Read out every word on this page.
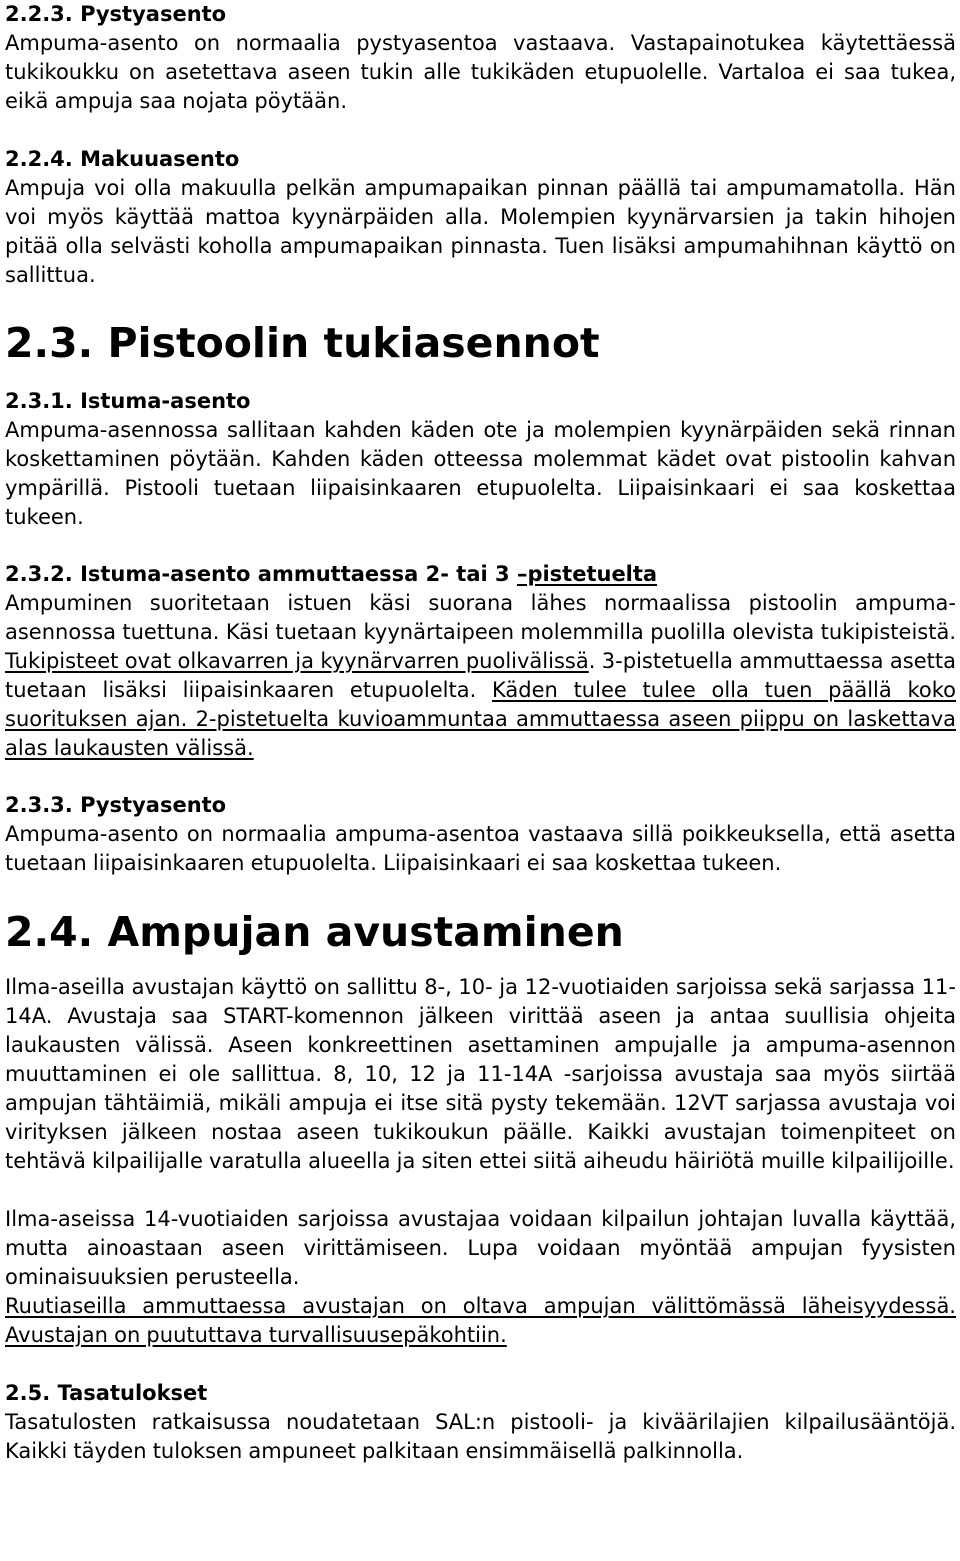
2.2.3. Pystyasento
Ampuma-asento on normaalia pystyasentoa vastaava. Vastapainotukea käytettäessä tukikoukku on asetettava aseen tukin alle tukikäden etupuolelle. Vartaloa ei saa tukea, eikä ampuja saa nojata pöytään.
2.2.4. Makuuasento
Ampuja voi olla makuulla pelkän ampumapaikan pinnan päällä tai ampumamatolla. Hän voi myös käyttää mattoa kyynärpäiden alla. Molempien kyynärvarsien ja takin hihojen pitää olla selvästi koholla ampumapaikan pinnasta. Tuen lisäksi ampumahihnan käyttö on sallittua.
2.3. Pistoolin tukiasennot
2.3.1. Istuma-asento
Ampuma-asennossa sallitaan kahden käden ote ja molempien kyynärpäiden sekä rinnan koskettaminen pöytään. Kahden käden otteessa molemmat kädet ovat pistoolin kahvan ympärillä. Pistooli tuetaan liipaisinkaaren etupuolelta. Liipaisinkaari ei saa koskettaa tukeen.
2.3.2. Istuma-asento ammuttaessa 2- tai 3 –pistetuelta
Ampuminen suoritetaan istuen käsi suorana lähes normaalissa pistoolin ampuma-asennossa tuettuna. Käsi tuetaan kyynärtaipeen molemmilla puolilla olevista tukipisteistä. Tukipisteet ovat olkavarren ja kyynärvarren puolivälissä. 3-pistetuella ammuttaessa asetta tuetaan lisäksi liipaisinkaaren etupuolelta. Käden tulee tulee olla tuen päällä koko suorituksen ajan. 2-pistetuelta kuvioammuntaa ammuttaessa aseen piippu on laskettava alas laukausten välissä.
2.3.3. Pystyasento
Ampuma-asento on normaalia ampuma-asentoa vastaava sillä poikkeuksella, että asetta tuetaan liipaisinkaaren etupuolelta. Liipaisinkaari ei saa koskettaa tukeen.
2.4. Ampujan avustaminen
Ilma-aseilla avustajan käyttö on sallittu 8-, 10- ja 12-vuotiaiden sarjoissa sekä sarjassa 11-14A. Avustaja saa START-komennon jälkeen virittää aseen ja antaa suullisia ohjeita laukausten välissä. Aseen konkreettinen asettaminen ampujalle ja ampuma-asennon muuttaminen ei ole sallittua. 8, 10, 12 ja 11-14A -sarjoissa avustaja saa myös siirtää ampujan tähtäimiä, mikäli ampuja ei itse sitä pysty tekemään. 12VT sarjassa avustaja voi virityksen jälkeen nostaa aseen tukikoukun päälle. Kaikki avustajan toimenpiteet on tehtävä kilpailijalle varatulla alueella ja siten ettei siitä aiheudu häiriötä muille kilpailijoille.
Ilma-aseissa 14-vuotiaiden sarjoissa avustajaa voidaan kilpailun johtajan luvalla käyttää, mutta ainoastaan aseen virittämiseen. Lupa voidaan myöntää ampujan fyysisten ominaisuuksien perusteella.
Ruutiaseilla ammuttaessa avustajan on oltava ampujan välittömässä läheisyydessä. Avustajan on puututtava turvallisuusepäkohtiin.
2.5. Tasatulokset
Tasatulosten ratkaisussa noudatetaan SAL:n pistooli- ja kiväärilajien kilpailusääntöjä. Kaikki täyden tuloksen ampuneet palkitaan ensimmäisellä palkinnolla.
